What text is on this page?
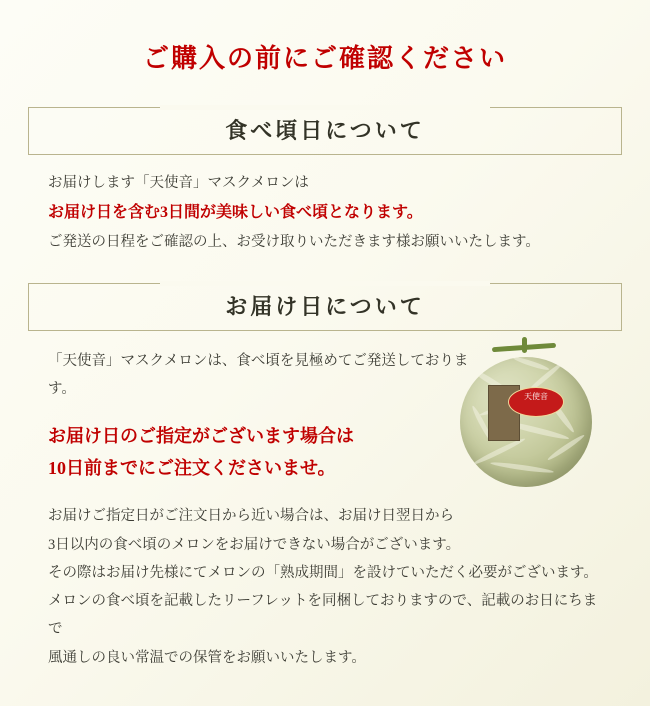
ご購入の前にご確認ください
食べ頃日について

お届けします「天使音」マスクメロンは

お届け日を含む3日間が美味しい食べ頃となります。

ご発送の日程をご確認の上、お受け取りいただきます様お願いいたします。

お届け日について
天使音

「天使音」マスクメロンは、食べ頃を見極めてご発送しております。

お届け日のご指定がございます場合は

10日前までにご注文くださいませ。

お届けご指定日がご注文日から近い場合は、お届け日翌日から

3日以内の食べ頃のメロンをお届けできない場合がございます。

その際はお届け先様にてメロンの「熟成期間」を設けていただく必要がございます。

メロンの食べ頃を記載したリーフレットを同梱しておりますので、記載のお日にちまで

風通しの良い常温での保管をお願いいたします。
